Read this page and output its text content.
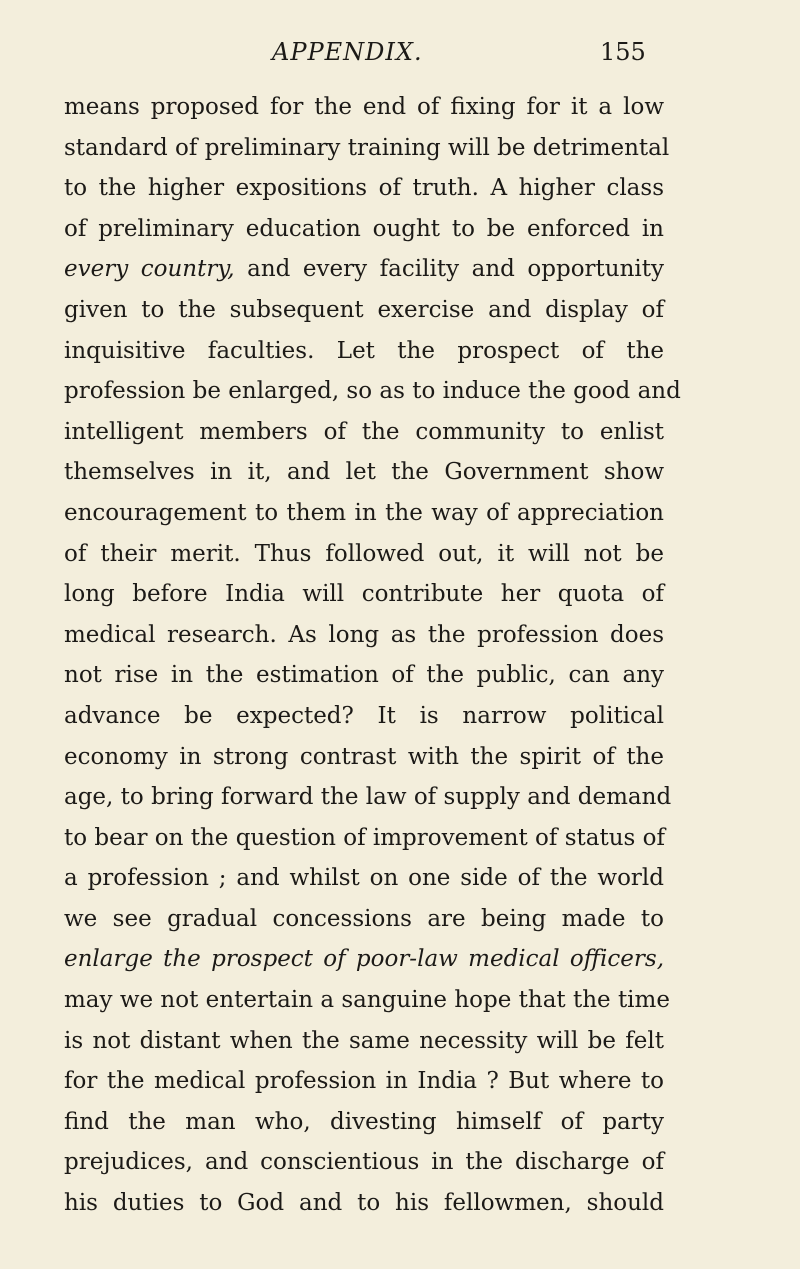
APPENDIX.	155
means proposed for the end of fixing for it a low
standard of preliminary training will be detrimental
to the higher expositions of truth. A higher class
of preliminary education ought to be enforced in
every country, and every facility and opportunity
given to the subsequent exercise and display of
inquisitive faculties. Let the prospect of the
profession be enlarged, so as to induce the good and
intelligent members of the community to enlist
themselves in it, and let the Government show
encouragement to them in the way of appreciation
of their merit. Thus followed out, it will not be
long before India will contribute her quota of
medical research. As long as the profession does
not rise in the estimation of the public, can any
advance be expected? It is narrow political
economy in strong contrast with the spirit of the
age, to bring forward the law of supply and demand
to bear on the question of improvement of status of
a profession ; and whilst on one side of the world
we see gradual concessions are being made to
enlarge the prospect of poor-law medical officers,
may we not entertain a sanguine hope that the time
is not distant when the same necessity will be felt
for the medical profession in India ? But where to
find the man who, divesting himself of party
prejudices, and conscientious in the discharge of
his duties to God and to his fellowmen, should
